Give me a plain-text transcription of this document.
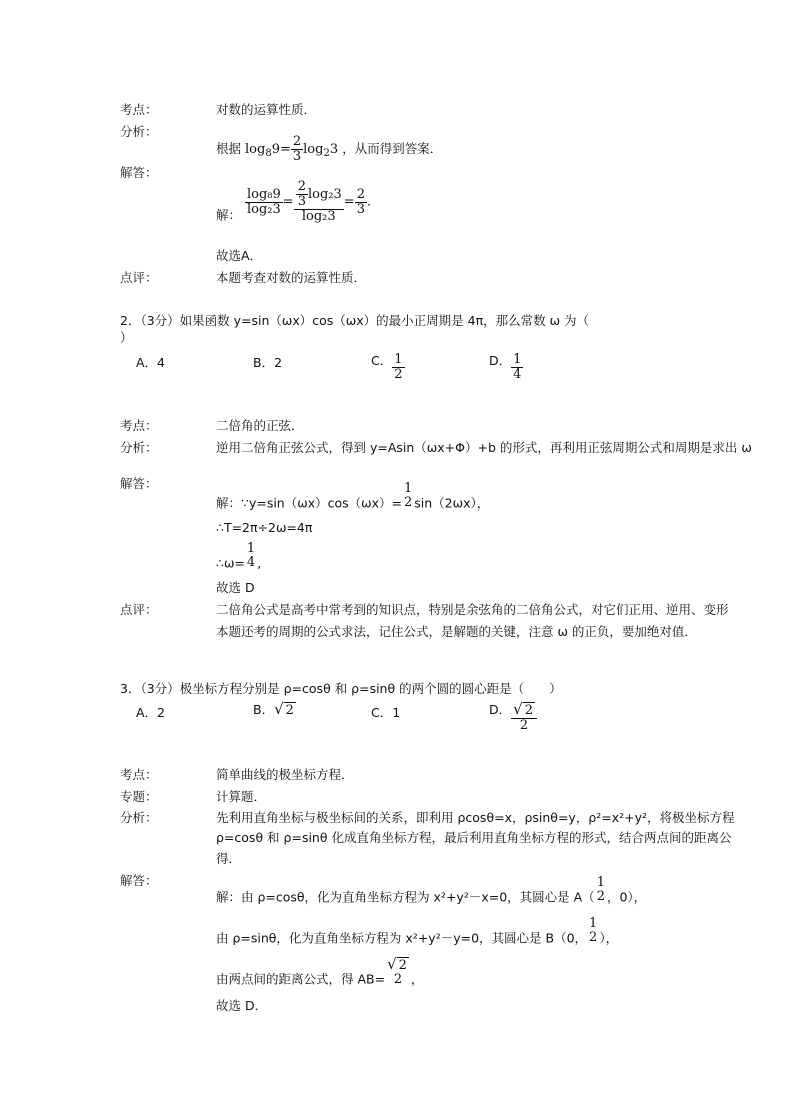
考点：	对数的运算性质．
分析：
根据 $\log_89= \frac{2}{3} \log_23$ ，从而得到答案．
解答：
解： $\frac{\text{log₈9}}{\text{log₂3}} = \frac{\frac{2}{3} \log_23}{\text{log₂3}} = \frac{2}{3}$ .
故选A．
点评：	本题考查对数的运算性质．
2．（3分）如果函数 y=sin（ωx）cos（ωx）的最小正周期是 4π，那么常数 ω 为（
）
A．4	B．2	C． $\frac{1}{2}$	D． $\frac{1}{4}$
考点：	二倍角的正弦．
分析：	逆用二倍角正弦公式，得到 y=Asin（ωx+Φ）+b 的形式，再利用正弦周期公式和周期是求出 ω
解答：
解：∵y=sin（ωx）cos（ωx）=
1
2 sin（2ωx），
∴T=2π÷2ω=4π
∴ω=
1
4 ,
故选 D
点评：	二倍角公式是高考中常考到的知识点，特别是余弦角的二倍角公式，对它们正用、逆用、变形
本题还考的周期的公式求法，记住公式，是解题的关键，注意 ω 的正负，要加绝对值．
3．（3分）极坐标方程分别是 ρ=cosθ 和 ρ=sinθ 的两个圆的圆心距是（　　）
A．2	B．√ 2	C．1	D． $\frac{√ 2}{2}$
考点：	简单曲线的极坐标方程．
专题：	计算题．
分析：	先利用直角坐标与极坐标间的关系，即利用 ρcosθ=x，ρsinθ=y，ρ²=x²+y²，将极坐标方程
ρ=cosθ 和 ρ=sinθ 化成直角坐标方程，最后利用直角坐标方程的形式，结合两点间的距离公
得．
解答：
解：由 ρ=cosθ，化为直角坐标方程为 x²+y²－x=0，其圆心是 A（
1
2 ，0），
由 ρ=sinθ，化为直角坐标方程为 x²+y²－y=0，其圆心是 B（0，
1
2 ），
由两点间的距离公式，得 AB=
√ 2
2 ，
故选 D．
